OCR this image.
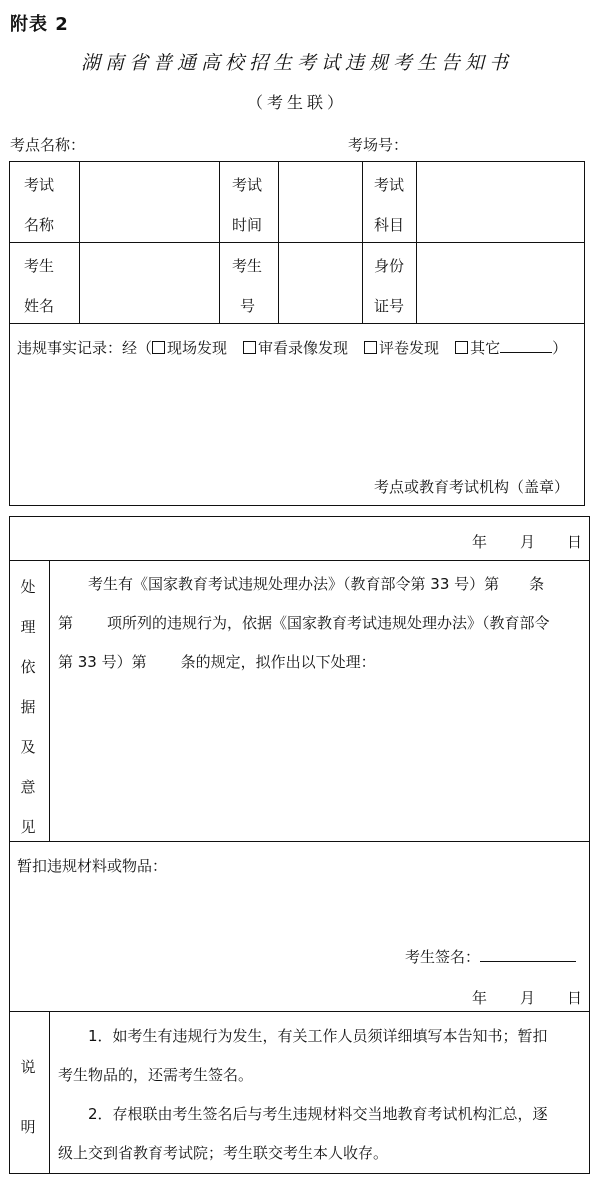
附表 2
湖南省普通高校招生考试违规考生告知书
（考生联）
考点名称：	考场号：
考试
名称
考试
时间
考试
科目
考生
姓名
考生
号
身份
证号
违规事实记录：经（ 现场发现 审看录像发现 评卷发现 其它	）
考点或教育考试机构（盖章）
年 月 日
处
理
依
据
及
意
见
考生有《国家教育考试违规处理办法》（教育部令第 33 号）第 条
第 项所列的违规行为，依据《国家教育考试违规处理办法》（教育部令
第 33 号）第 条的规定，拟作出以下处理：
暂扣违规材料或物品：
考生签名：
年 月 日
说
明
1．如考生有违规行为发生，有关工作人员须详细填写本告知书；暂扣
考生物品的，还需考生签名。
2．存根联由考生签名后与考生违规材料交当地教育考试机构汇总，逐
级上交到省教育考试院；考生联交考生本人收存。
